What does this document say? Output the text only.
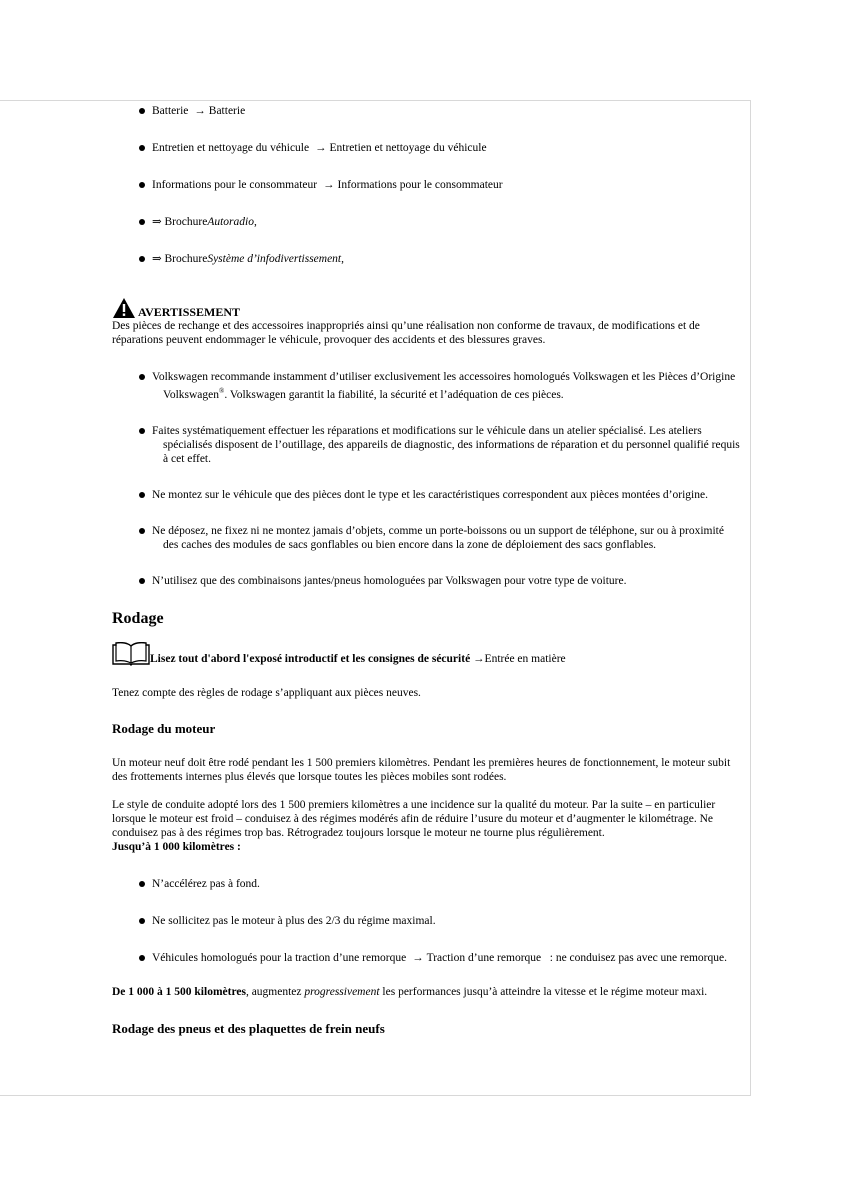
Batterie → Batterie
Entretien et nettoyage du véhicule → Entretien et nettoyage du véhicule
Informations pour le consommateur → Informations pour le consommateur
⇒ BrochureAutoradio,
⇒ BrochureSystème d’infodivertissement,
AVERTISSEMENT

Des pièces de rechange et des accessoires inappropriés ainsi qu’une réalisation non conforme de travaux, de modifications et de réparations peuvent endommager le véhicule, provoquer des accidents et des blessures graves.

Volkswagen recommande instamment d’utiliser exclusivement les accessoires homologués Volkswagen et les Pièces d’Origine Volkswagen®. Volkswagen garantit la fiabilité, la sécurité et l’adéquation de ces pièces.
Faites systématiquement effectuer les réparations et modifications sur le véhicule dans un atelier spécialisé. Les ateliers spécialisés disposent de l’outillage, des appareils de diagnostic, des informations de réparation et du personnel qualifié requis à cet effet.
Ne montez sur le véhicule que des pièces dont le type et les caractéristiques correspondent aux pièces montées d’origine.
Ne déposez, ne fixez ni ne montez jamais d’objets, comme un porte-boissons ou un support de téléphone, sur ou à proximité des caches des modules de sacs gonflables ou bien encore dans la zone de déploiement des sacs gonflables.
N’utilisez que des combinaisons jantes/pneus homologuées par Volkswagen pour votre type de voiture.
Rodage
Lisez tout d'abord l'exposé introductif et les consignes de sécurité →Entrée en matière

Tenez compte des règles de rodage s’appliquant aux pièces neuves.

Rodage du moteur

Un moteur neuf doit être rodé pendant les 1 500 premiers kilomètres. Pendant les premières heures de fonctionnement, le moteur subit des frottements internes plus élevés que lorsque toutes les pièces mobiles sont rodées.

Le style de conduite adopté lors des 1 500 premiers kilomètres a une incidence sur la qualité du moteur. Par la suite – en particulier lorsque le moteur est froid – conduisez à des régimes modérés afin de réduire l’usure du moteur et d’augmenter le kilométrage. Ne conduisez pas à des régimes trop bas. Rétrogradez toujours lorsque le moteur ne tourne plus régulièrement.
Jusqu’à 1 000 kilomètres :

N’accélérez pas à fond.
Ne sollicitez pas le moteur à plus des 2/3 du régime maximal.
Véhicules homologués pour la traction d’une remorque → Traction d’une remorque : ne conduisez pas avec une remorque.

De 1 000 à 1 500 kilomètres, augmentez progressivement les performances jusqu’à atteindre la vitesse et le régime moteur maxi.

Rodage des pneus et des plaquettes de frein neufs
